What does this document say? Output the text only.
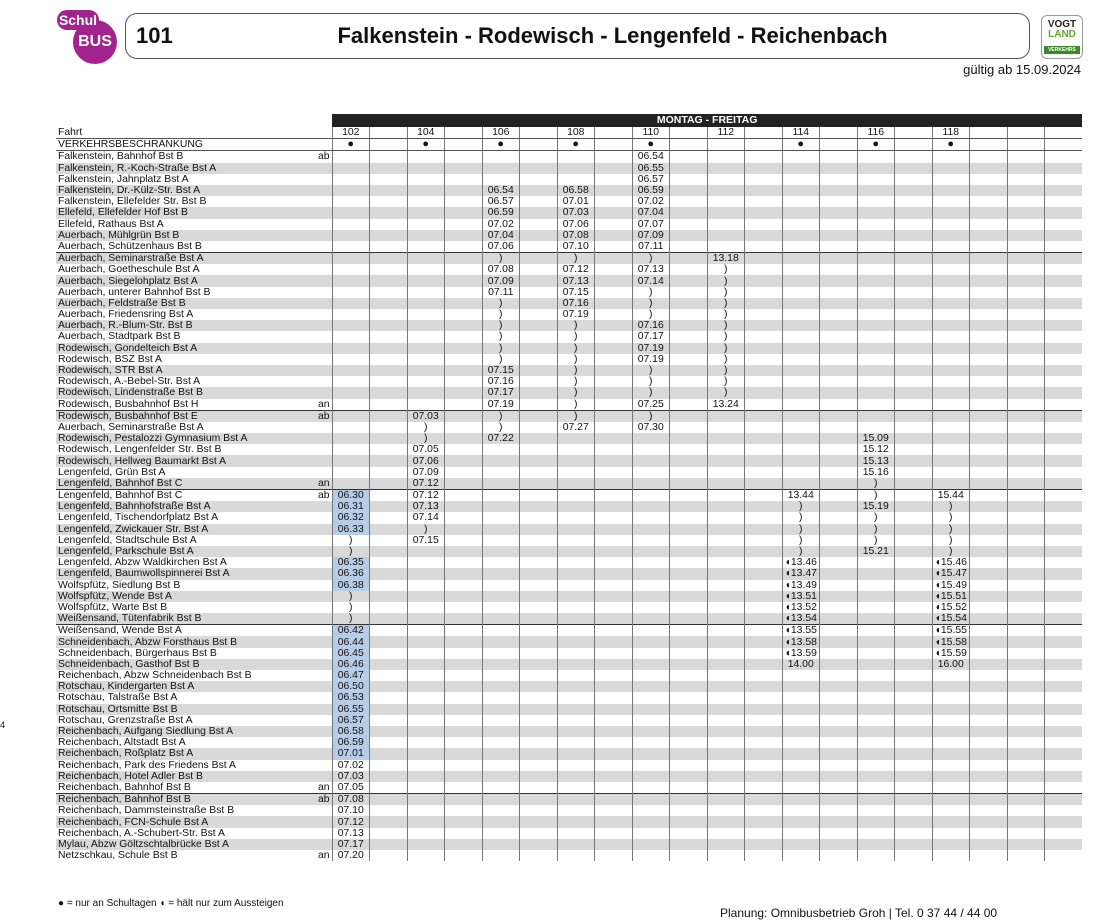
BUS
Schul
101	Falkenstein - Rodewisch - Lengenfeld - Reichenbach	VOGT
LAND
VERKEHRS
gültig ab 15.09.2024
		MONTAG - FREITAG																			
Fahrt		102		104		106		108		110		112		114		116		118			
VERKEHRSBESCHRÄNKUNG		●		●		●		●		●				●		●		●			
Falkenstein, Bahnhof Bst B	ab									06.54											
Falkenstein, R.-Koch-Straße Bst A										06.55											
Falkenstein, Jahnplatz Bst A										06.57											
Falkenstein, Dr.-Külz-Str. Bst A						06.54		06.58		06.59											
Falkenstein, Ellefelder Str. Bst B						06.57		07.01		07.02											
Ellefeld, Ellefelder Hof Bst B						06.59		07.03		07.04											
Ellefeld, Rathaus Bst A						07.02		07.06		07.07											
Auerbach, Mühlgrün Bst B						07.04		07.08		07.09											
Auerbach, Schützenhaus Bst B						07.06		07.10		07.11											
Auerbach, Seminarstraße Bst A						)		)		)		13.18									
Auerbach, Goetheschule Bst A						07.08		07.12		07.13		)									
Auerbach, Siegelohplatz Bst A						07.09		07.13		07.14		)									
Auerbach, unterer Bahnhof Bst B						07.11		07.15		)		)									
Auerbach, Feldstraße Bst B						)		07.16		)		)									
Auerbach, Friedensring Bst A						)		07.19		)		)									
Auerbach, R.-Blum-Str. Bst B						)		)		07.16		)									
Auerbach, Stadtpark Bst B						)		)		07.17		)									
Rodewisch, Gondelteich Bst A						)		)		07.19		)									
Rodewisch, BSZ Bst A						)		)		07.19		)									
Rodewisch, STR Bst A						07.15		)		)		)									
Rodewisch, A.-Bebel-Str. Bst A						07.16		)		)		)									
Rodewisch, Lindenstraße Bst B						07.17		)		)		)									
Rodewisch, Busbahnhof Bst H	an					07.19		)		07.25		13.24									
Rodewisch, Busbahnhof Bst E	ab			07.03		)		)		)											
Auerbach, Seminarstraße Bst A				)		)		07.27		07.30											
Rodewisch, Pestalozzi Gymnasium Bst A				)		07.22										15.09					
Rodewisch, Lengenfelder Str. Bst B				07.05												15.12					
Rodewisch, Hellweg Baumarkt Bst A				07.06												15.13					
Lengenfeld, Grün Bst A				07.09												15.16					
Lengenfeld, Bahnhof Bst C	an			07.12												)					
Lengenfeld, Bahnhof Bst C	ab	06.30		07.12										13.44		)		15.44			
Lengenfeld, Bahnhofstraße Bst A		06.31		07.13										)		15.19		)			
Lengenfeld, Tischendorfplatz Bst A		06.32		07.14										)		)		)			
Lengenfeld, Zwickauer Str. Bst A		06.33		)										)		)		)			
Lengenfeld, Stadtschule Bst A		)		07.15										)		)		)			
Lengenfeld, Parkschule Bst A		)												)		15.21		)			
Lengenfeld, Abzw Waldkirchen Bst A		06.35												◖13.46				◖15.46			
Lengenfeld, Baumwollspinnerei Bst A		06.36												◖13.47				◖15.47			
Wolfspfütz, Siedlung Bst B		06.38												◖13.49				◖15.49			
Wolfspfütz, Wende Bst A		)												◖13.51				◖15.51			
Wolfspfütz, Warte Bst B		)												◖13.52				◖15.52			
Weißensand, Tütenfabrik Bst B		)												◖13.54				◖15.54			
Weißensand, Wende Bst A		06.42												◖13.55				◖15.55			
Schneidenbach, Abzw Forsthaus Bst B		06.44												◖13.58				◖15.58			
Schneidenbach, Bürgerhaus Bst B		06.45												◖13.59				◖15.59			
Schneidenbach, Gasthof Bst B		06.46												14.00				16.00			
Reichenbach, Abzw Schneidenbach Bst B		06.47																			
Rotschau, Kindergarten Bst A		06.50																			
Rotschau, Talstraße Bst A		06.53																			
Rotschau, Ortsmitte Bst B		06.55																			
Rotschau, Grenzstraße Bst A		06.57																			
Reichenbach, Aufgang Siedlung Bst A		06.58																			
Reichenbach, Altstadt Bst A		06.59																			
Reichenbach, Roßplatz Bst A		07.01																			
Reichenbach, Park des Friedens Bst A		07.02																			
Reichenbach, Hotel Adler Bst B		07.03																			
Reichenbach, Bahnhof Bst B	an	07.05																			
Reichenbach, Bahnhof Bst B	ab	07.08																			
Reichenbach, Dammsteinstraße Bst B		07.10																			
Reichenbach, FCN-Schule Bst A		07.12																			
Reichenbach, A.-Schubert-Str. Bst A		07.13																			
Mylau, Abzw Göltzschtalbrücke Bst A		07.17																			
Netzschkau, Schule Bst B	an	07.20																			
● = nur an Schultagen ◖ = hält nur zum Aussteigen
Planung: Omnibusbetrieb Groh | Tel. 0 37 44 / 44 00
4
